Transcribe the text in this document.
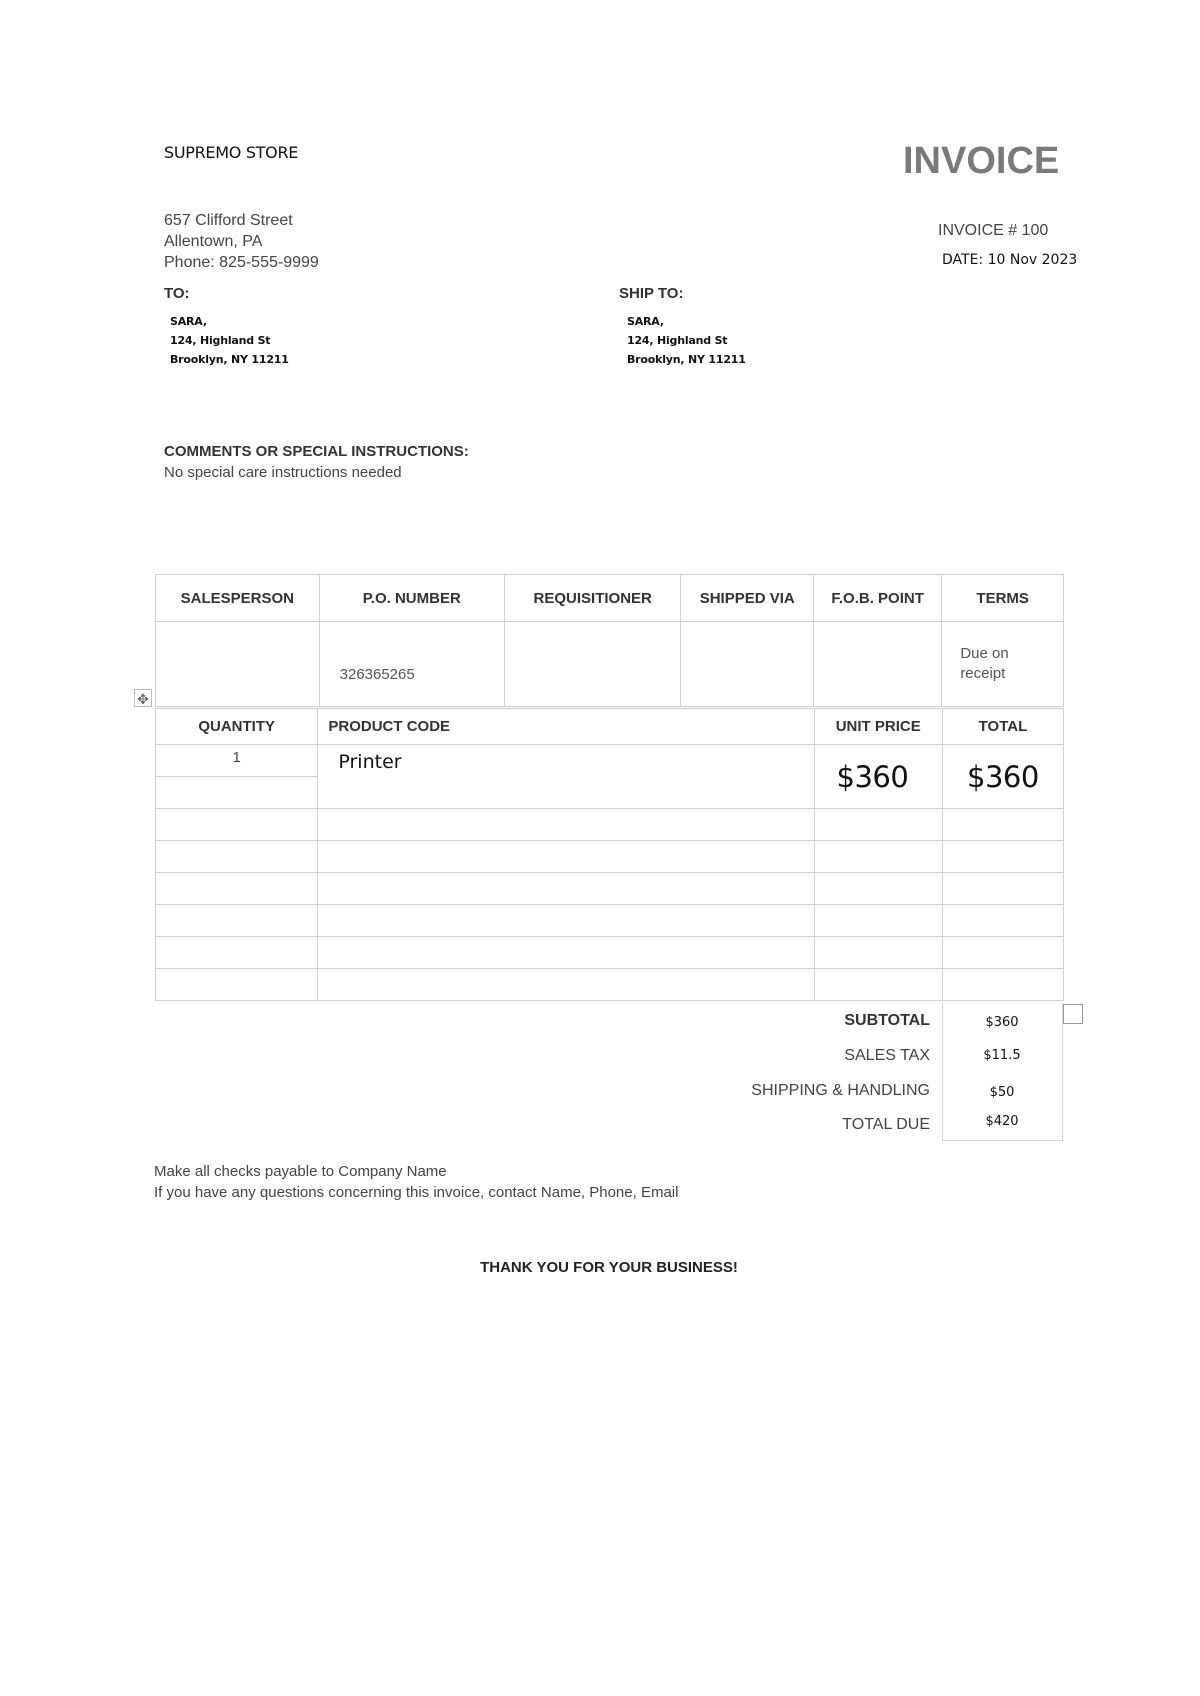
SUPREMO STORE	INVOICE
657 Clifford Street
Allentown, PA
Phone: 825-555-9999
INVOICE # 100
DATE: 10 Nov 2023
TO:	SHIP TO:
SARA,
124, Highland St
Brooklyn, NY 11211
SARA,
124, Highland St
Brooklyn, NY 11211
COMMENTS OR SPECIAL INSTRUCTIONS:
No special care instructions needed
SALESPERSON	P.O. NUMBER	REQUISITIONER	SHIPPED VIA	F.O.B. POINT	TERMS
	326365265				Due on receipt
✥
QUANTITY	PRODUCT CODE	UNIT PRICE	TOTAL
1	Printer	$360	$360

SUBTOTAL	$360
SALES TAX	$11.5
SHIPPING & HANDLING	$50
TOTAL DUE	$420
Make all checks payable to Company Name
If you have any questions concerning this invoice, contact Name, Phone, Email
THANK YOU FOR YOUR BUSINESS!
